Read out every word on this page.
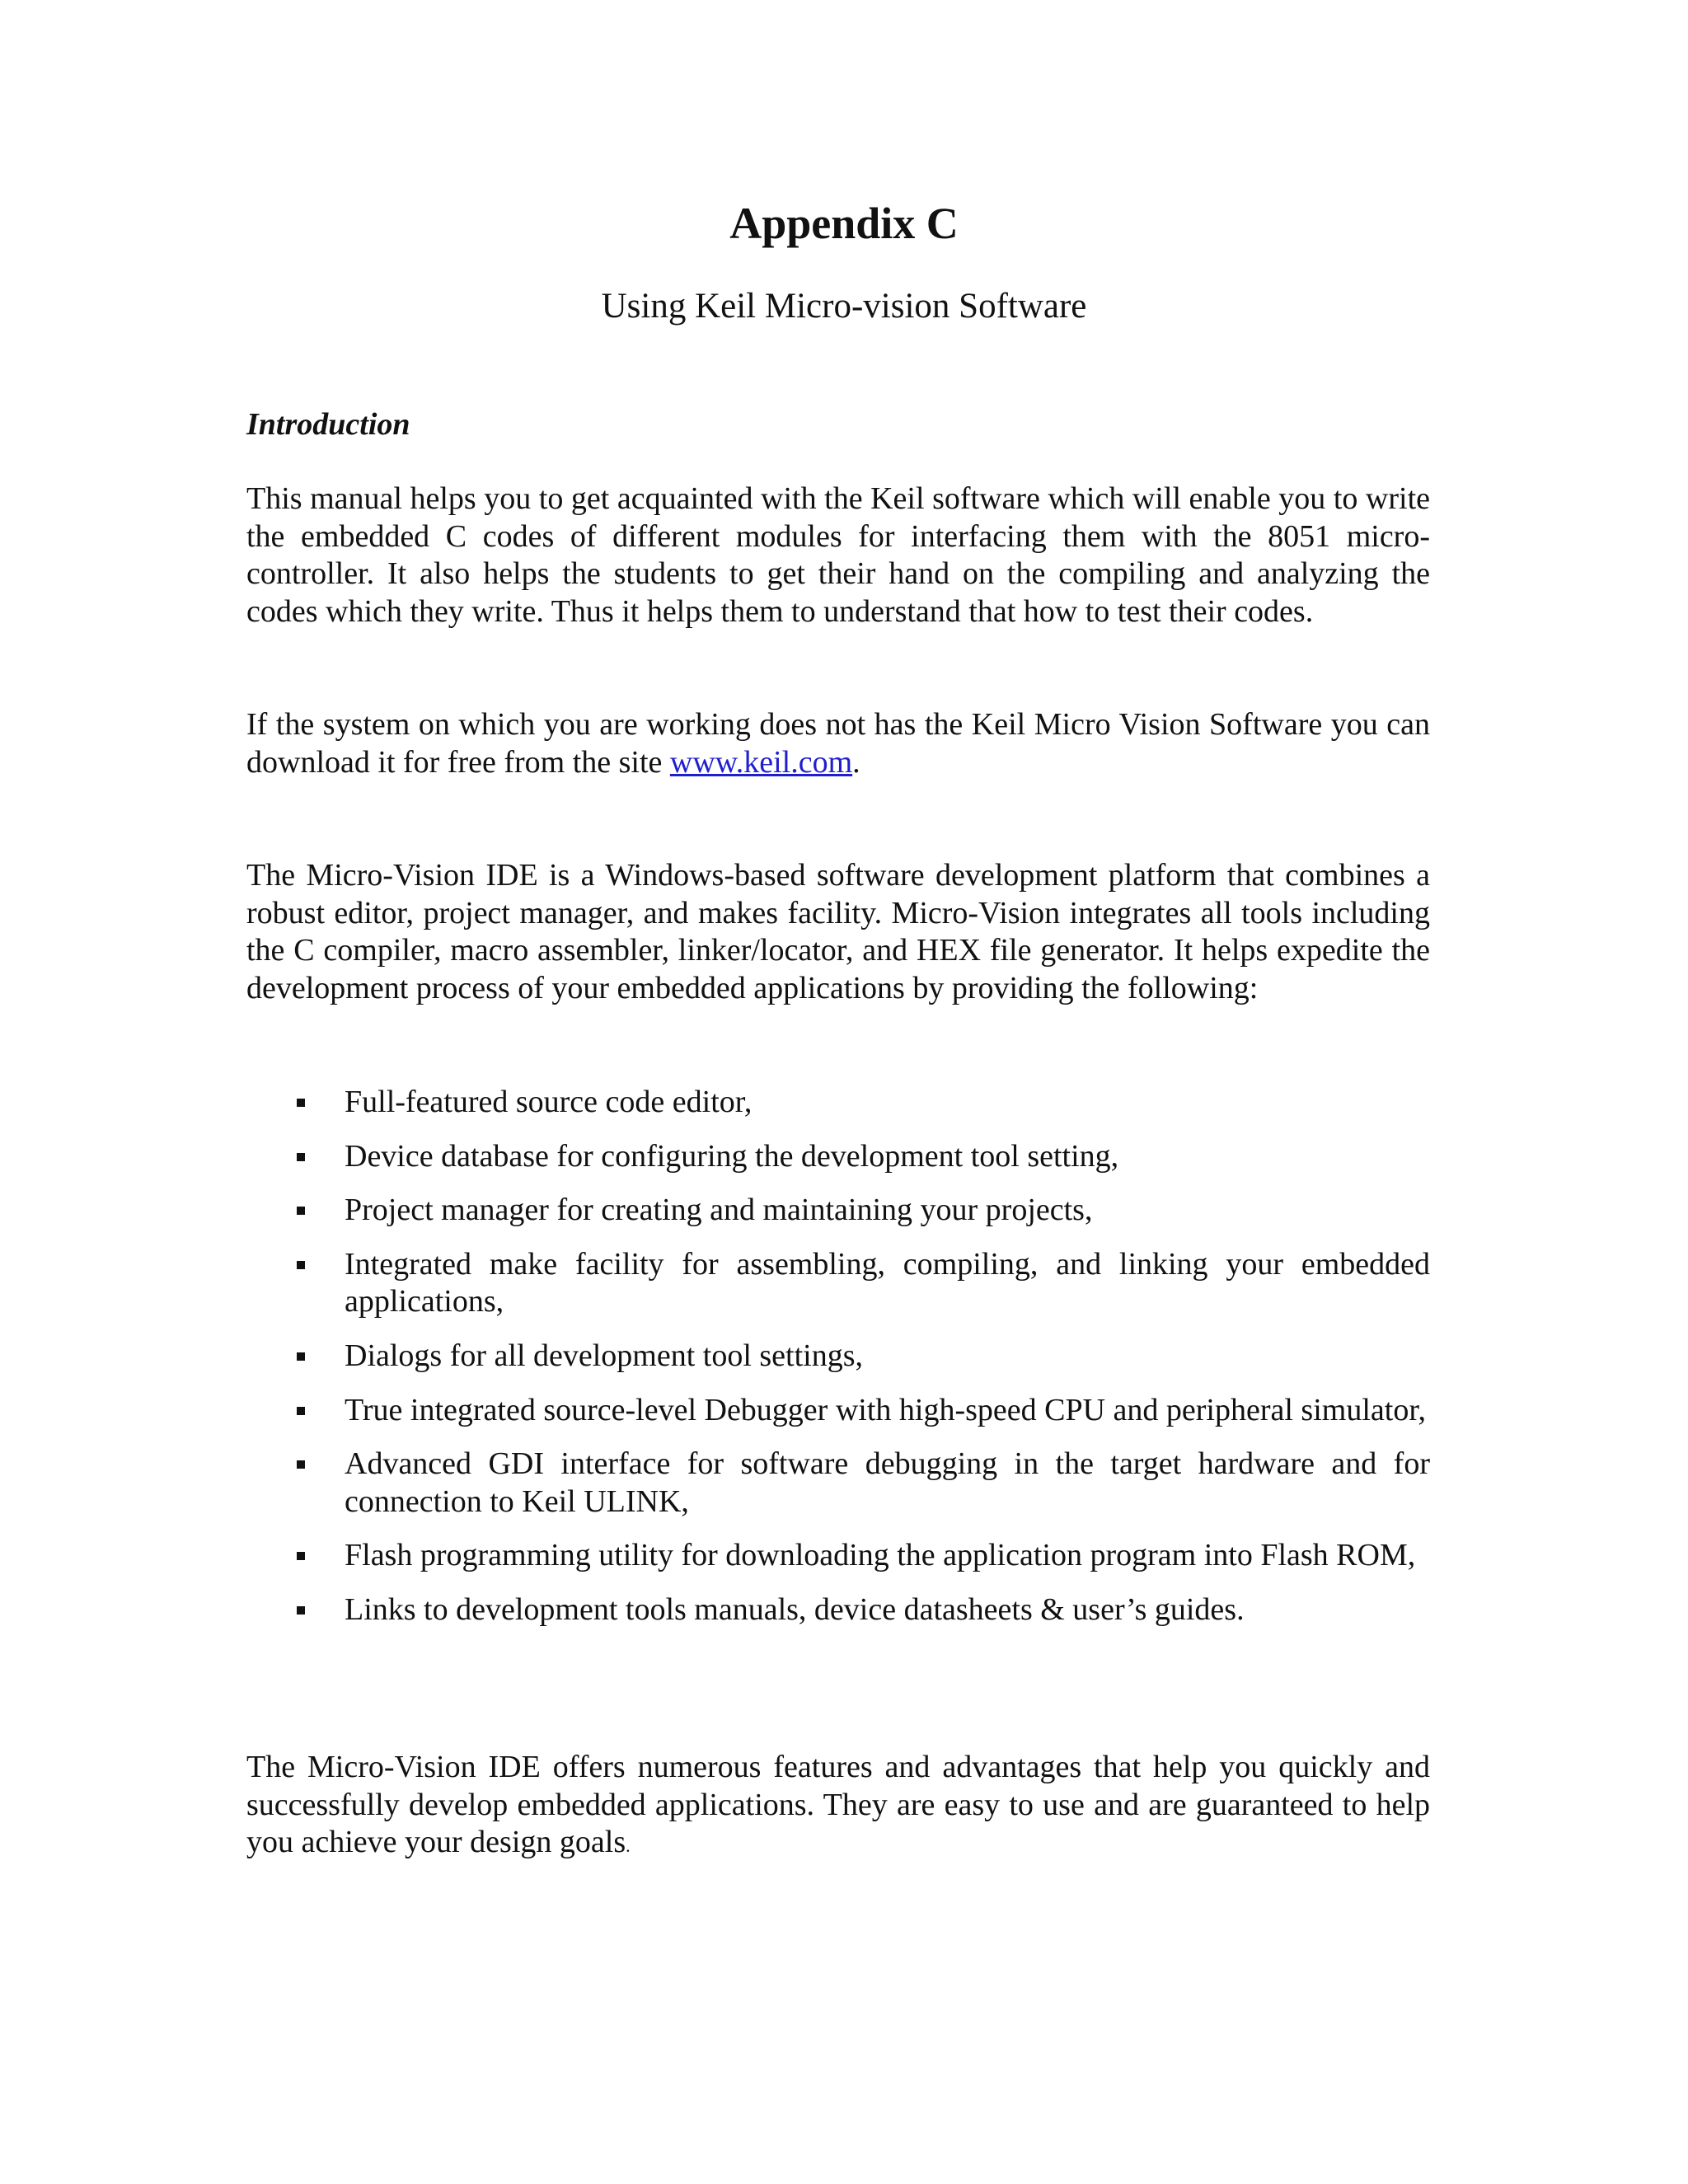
Appendix C
Using Keil Micro-vision Software
Introduction

This manual helps you to get acquainted with the Keil software which will enable you to write the embedded C codes of different modules for interfacing them with the 8051 micro-controller. It also helps the students to get their hand on the compiling and analyzing the codes which they write. Thus it helps them to understand that how to test their codes.

If the system on which you are working does not has the Keil Micro Vision Software you can download it for free from the site www.keil.com.

The Micro-Vision IDE is a Windows-based software development platform that combines a robust editor, project manager, and makes facility. Micro-Vision integrates all tools including the C compiler, macro assembler, linker/locator, and HEX file generator. It helps expedite the development process of your embedded applications by providing the following:

Full-featured source code editor,
Device database for configuring the development tool setting,
Project manager for creating and maintaining your projects,
Integrated make facility for assembling, compiling, and linking your embedded applications,
Dialogs for all development tool settings,
True integrated source-level Debugger with high-speed CPU and peripheral simulator,
Advanced GDI interface for software debugging in the target hardware and for connection to Keil ULINK,
Flash programming utility for downloading the application program into Flash ROM,
Links to development tools manuals, device datasheets & user’s guides.

The Micro-Vision IDE offers numerous features and advantages that help you quickly and successfully develop embedded applications. They are easy to use and are guaranteed to help you achieve your design goals.
